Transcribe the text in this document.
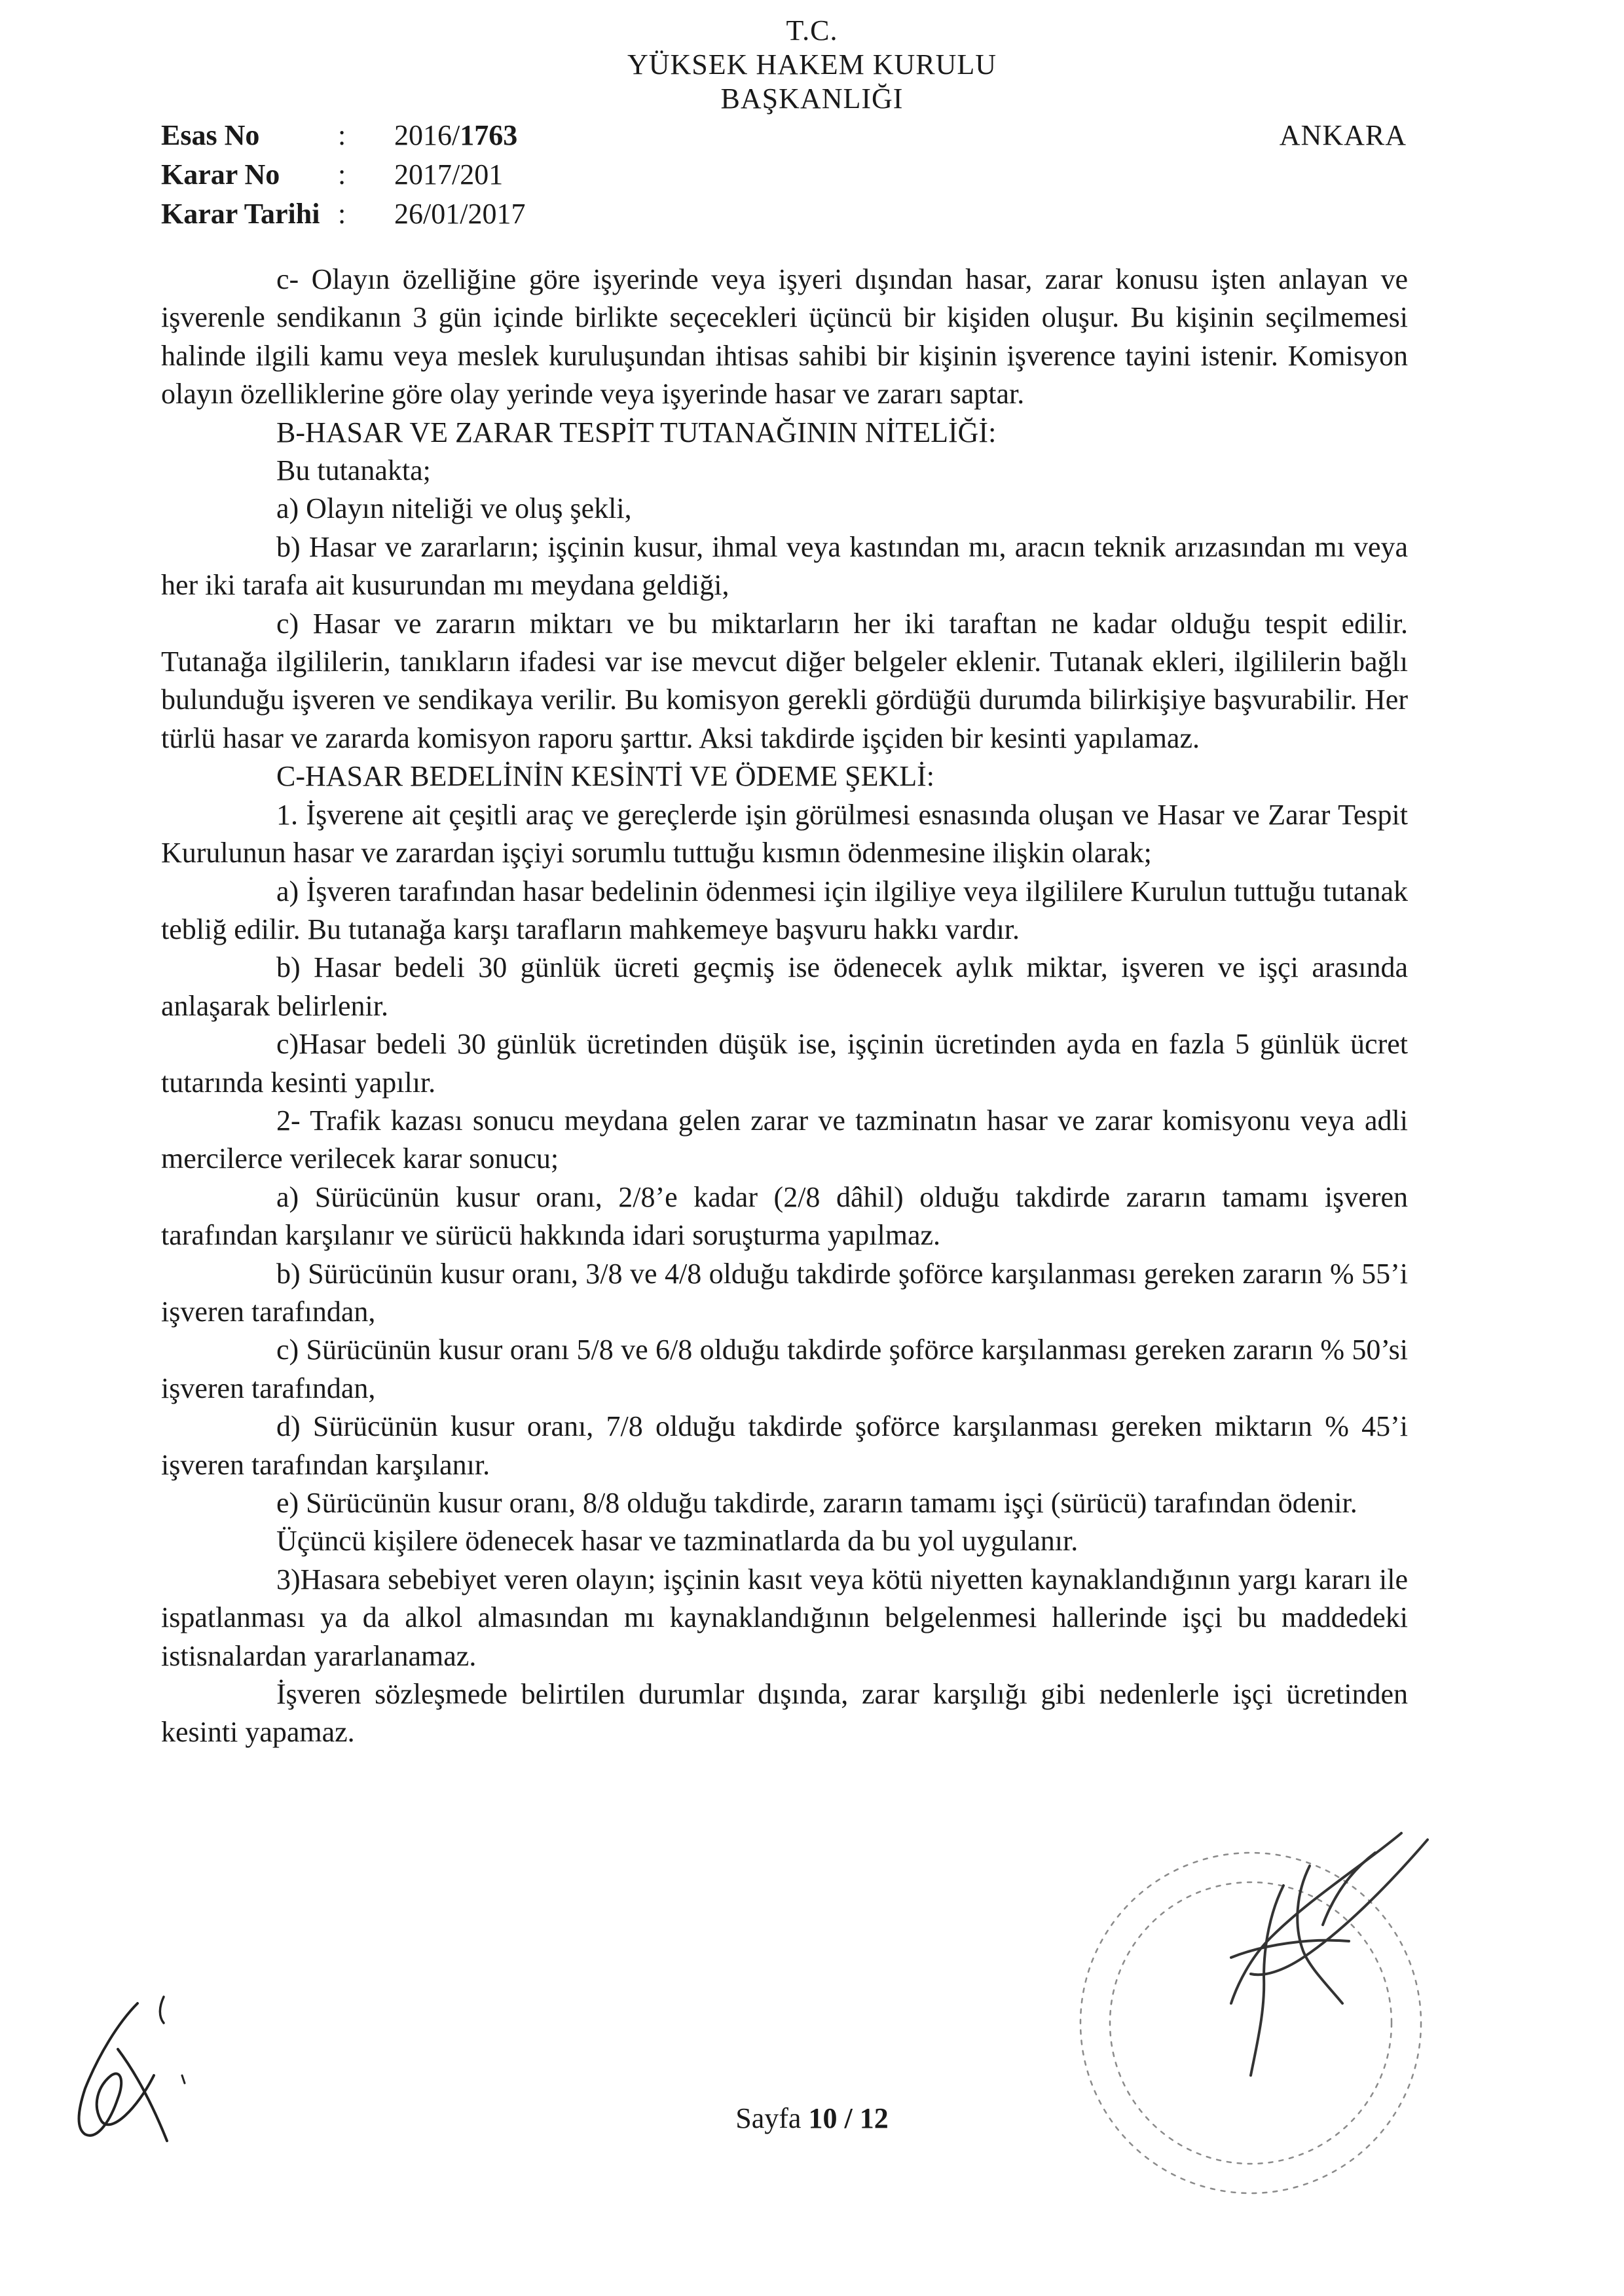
T.C.
YÜKSEK HAKEM KURULU
BAŞKANLIĞI
ANKARA
Esas No	: 2016/1763
Karar No : 2017/201
Karar Tarihi : 26/01/2017

c- Olayın özelliğine göre işyerinde veya işyeri dışından hasar, zarar konusu işten anlayan ve işverenle sendikanın 3 gün içinde birlikte seçecekleri üçüncü bir kişiden oluşur. Bu kişinin seçilmemesi halinde ilgili kamu veya meslek kuruluşundan ihtisas sahibi bir kişinin işverence tayini istenir. Komisyon olayın özelliklerine göre olay yerinde veya işyerinde hasar ve zararı saptar.

B-HASAR VE ZARAR TESPİT TUTANAĞININ NİTELİĞİ:

Bu tutanakta;

a) Olayın niteliği ve oluş şekli,

b) Hasar ve zararların; işçinin kusur, ihmal veya kastından mı, aracın teknik arızasından mı veya her iki tarafa ait kusurundan mı meydana geldiği,

c) Hasar ve zararın miktarı ve bu miktarların her iki taraftan ne kadar olduğu tespit edilir. Tutanağa ilgililerin, tanıkların ifadesi var ise mevcut diğer belgeler eklenir. Tutanak ekleri, ilgililerin bağlı bulunduğu işveren ve sendikaya verilir. Bu komisyon gerekli gördüğü durumda bilirkişiye başvurabilir. Her türlü hasar ve zararda komisyon raporu şarttır. Aksi takdirde işçiden bir kesinti yapılamaz.

C-HASAR BEDELİNİN KESİNTİ VE ÖDEME ŞEKLİ:

1. İşverene ait çeşitli araç ve gereçlerde işin görülmesi esnasında oluşan ve Hasar ve Zarar Tespit Kurulunun hasar ve zarardan işçiyi sorumlu tuttuğu kısmın ödenmesine ilişkin olarak;

a) İşveren tarafından hasar bedelinin ödenmesi için ilgiliye veya ilgililere Kurulun tuttuğu tutanak tebliğ edilir. Bu tutanağa karşı tarafların mahkemeye başvuru hakkı vardır.

b) Hasar bedeli 30 günlük ücreti geçmiş ise ödenecek aylık miktar, işveren ve işçi arasında anlaşarak belirlenir.

c)Hasar bedeli 30 günlük ücretinden düşük ise, işçinin ücretinden ayda en fazla 5 günlük ücret tutarında kesinti yapılır.

2- Trafik kazası sonucu meydana gelen zarar ve tazminatın hasar ve zarar komisyonu veya adli mercilerce verilecek karar sonucu;

a) Sürücünün kusur oranı, 2/8’e kadar (2/8 dâhil) olduğu takdirde zararın tamamı işveren tarafından karşılanır ve sürücü hakkında idari soruşturma yapılmaz.

b) Sürücünün kusur oranı, 3/8 ve 4/8 olduğu takdirde şoförce karşılanması gereken zararın % 55’i işveren tarafından,

c) Sürücünün kusur oranı 5/8 ve 6/8 olduğu takdirde şoförce karşılanması gereken zararın % 50’si işveren tarafından,

d) Sürücünün kusur oranı, 7/8 olduğu takdirde şoförce karşılanması gereken miktarın % 45’i işveren tarafından karşılanır.

e) Sürücünün kusur oranı, 8/8 olduğu takdirde, zararın tamamı işçi (sürücü) tarafından ödenir.

Üçüncü kişilere ödenecek hasar ve tazminatlarda da bu yol uygulanır.

3)Hasara sebebiyet veren olayın; işçinin kasıt veya kötü niyetten kaynaklandığının yargı kararı ile ispatlanması ya da alkol almasından mı kaynaklandığının belgelenmesi hallerinde işçi bu maddedeki istisnalardan yararlanamaz.

İşveren sözleşmede belirtilen durumlar dışında, zarar karşılığı gibi nedenlerle işçi ücretinden kesinti yapamaz.

Sayfa 10 / 12
